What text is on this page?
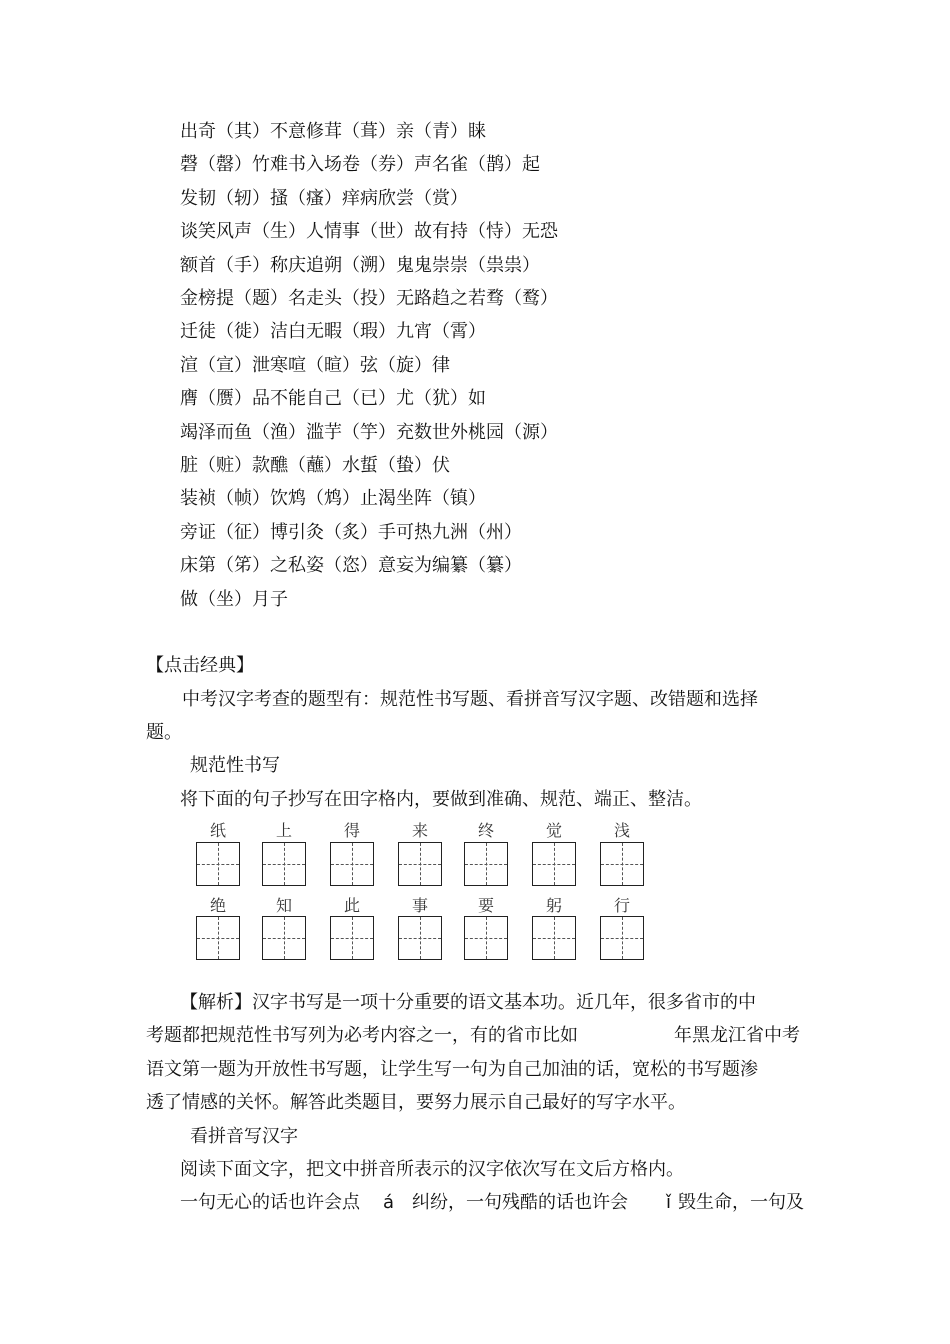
出奇（其）不意修茸（葺）亲（青）睐
磬（罄）竹难书入场卷（券）声名雀（鹊）起
发韧（轫）搔（瘙）痒病欣尝（赏）
谈笑风声（生）人情事（世）故有持（恃）无恐
额首（手）称庆追朔（溯）鬼鬼崇崇（祟祟）
金榜提（题）名走头（投）无路趋之若骛（鹜）
迁徒（徙）洁白无暇（瑕）九宵（霄）
渲（宣）泄寒喧（暄）弦（旋）律
膺（赝）品不能自己（已）尤（犹）如
竭泽而鱼（渔）滥芋（竽）充数世外桃园（源）
脏（赃）款醮（蘸）水蜇（蛰）伏
装祯（帧）饮鸩（鸩）止渴坐阵（镇）
旁证（征）博引灸（炙）手可热九洲（州）
床第（笫）之私姿（恣）意妄为编纂（纂）
做（坐）月子
【点击经典】
中考汉字考查的题型有：规范性书写题、看拼音写汉字题、改错题和选择
题。
规范性书写
将下面的句子抄写在田字格内，要做到准确、规范、端正、整洁。
纸	上	得	来	终	觉	浅
绝	知	此	事	要	躬	行
【解析】汉字书写是一项十分重要的语文基本功。近几年，很多省市的中
考题都把规范性书写列为必考内容之一，有的省市比如	年黑龙江省中考
语文第一题为开放性书写题，让学生写一句为自己加油的话，宽松的书写题渗
透了情感的关怀。解答此类题目，要努力展示自己最好的写字水平。
看拼音写汉字
阅读下面文字，把文中拼音所表示的汉字依次写在文后方格内。
一句无心的话也许会点 á 纠纷，一句残酷的话也许会 ǐ 毁生命，一句及
